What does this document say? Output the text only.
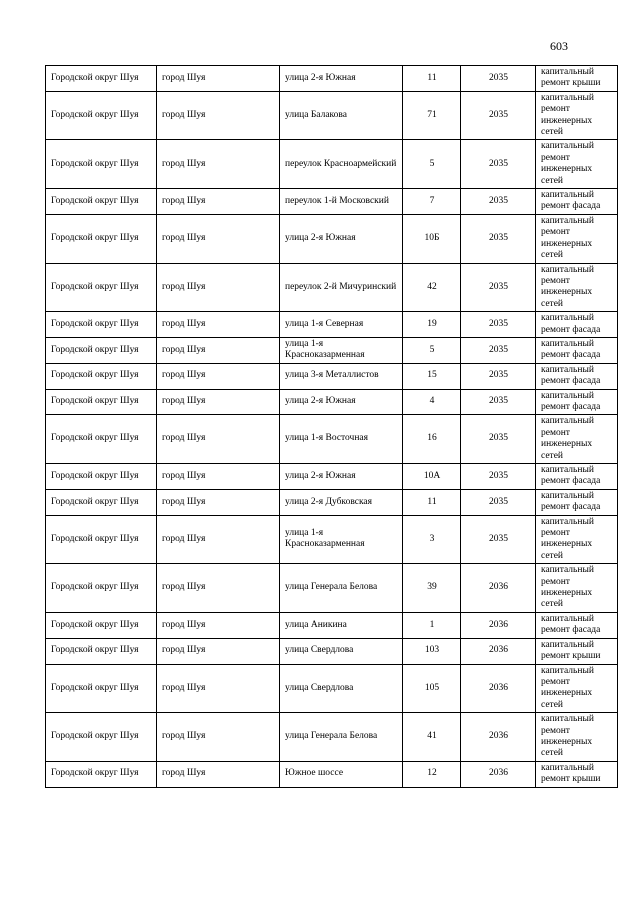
603
Городской округ Шуя	город Шуя	улица 2-я Южная	11	2035	капитальный ремонт крыши
Городской округ Шуя	город Шуя	улица Балакова	71	2035	капитальный ремонт инженерных сетей
Городской округ Шуя	город Шуя	переулок Красноармейский	5	2035	капитальный ремонт инженерных сетей
Городской округ Шуя	город Шуя	переулок 1-й Московский	7	2035	капитальный ремонт фасада
Городской округ Шуя	город Шуя	улица 2-я Южная	10Б	2035	капитальный ремонт инженерных сетей
Городской округ Шуя	город Шуя	переулок 2-й Мичуринский	42	2035	капитальный ремонт инженерных сетей
Городской округ Шуя	город Шуя	улица 1-я Северная	19	2035	капитальный ремонт фасада
Городской округ Шуя	город Шуя	улица 1-я Красноказарменная	5	2035	капитальный ремонт фасада
Городской округ Шуя	город Шуя	улица 3-я Металлистов	15	2035	капитальный ремонт фасада
Городской округ Шуя	город Шуя	улица 2-я Южная	4	2035	капитальный ремонт фасада
Городской округ Шуя	город Шуя	улица 1-я Восточная	16	2035	капитальный ремонт инженерных сетей
Городской округ Шуя	город Шуя	улица 2-я Южная	10А	2035	капитальный ремонт фасада
Городской округ Шуя	город Шуя	улица 2-я Дубковская	11	2035	капитальный ремонт фасада
Городской округ Шуя	город Шуя	улица 1-я Красноказарменная	3	2035	капитальный ремонт инженерных сетей
Городской округ Шуя	город Шуя	улица Генерала Белова	39	2036	капитальный ремонт инженерных сетей
Городской округ Шуя	город Шуя	улица Аникина	1	2036	капитальный ремонт фасада
Городской округ Шуя	город Шуя	улица Свердлова	103	2036	капитальный ремонт крыши
Городской округ Шуя	город Шуя	улица Свердлова	105	2036	капитальный ремонт инженерных сетей
Городской округ Шуя	город Шуя	улица Генерала Белова	41	2036	капитальный ремонт инженерных сетей
Городской округ Шуя	город Шуя	Южное шоссе	12	2036	капитальный ремонт крыши
